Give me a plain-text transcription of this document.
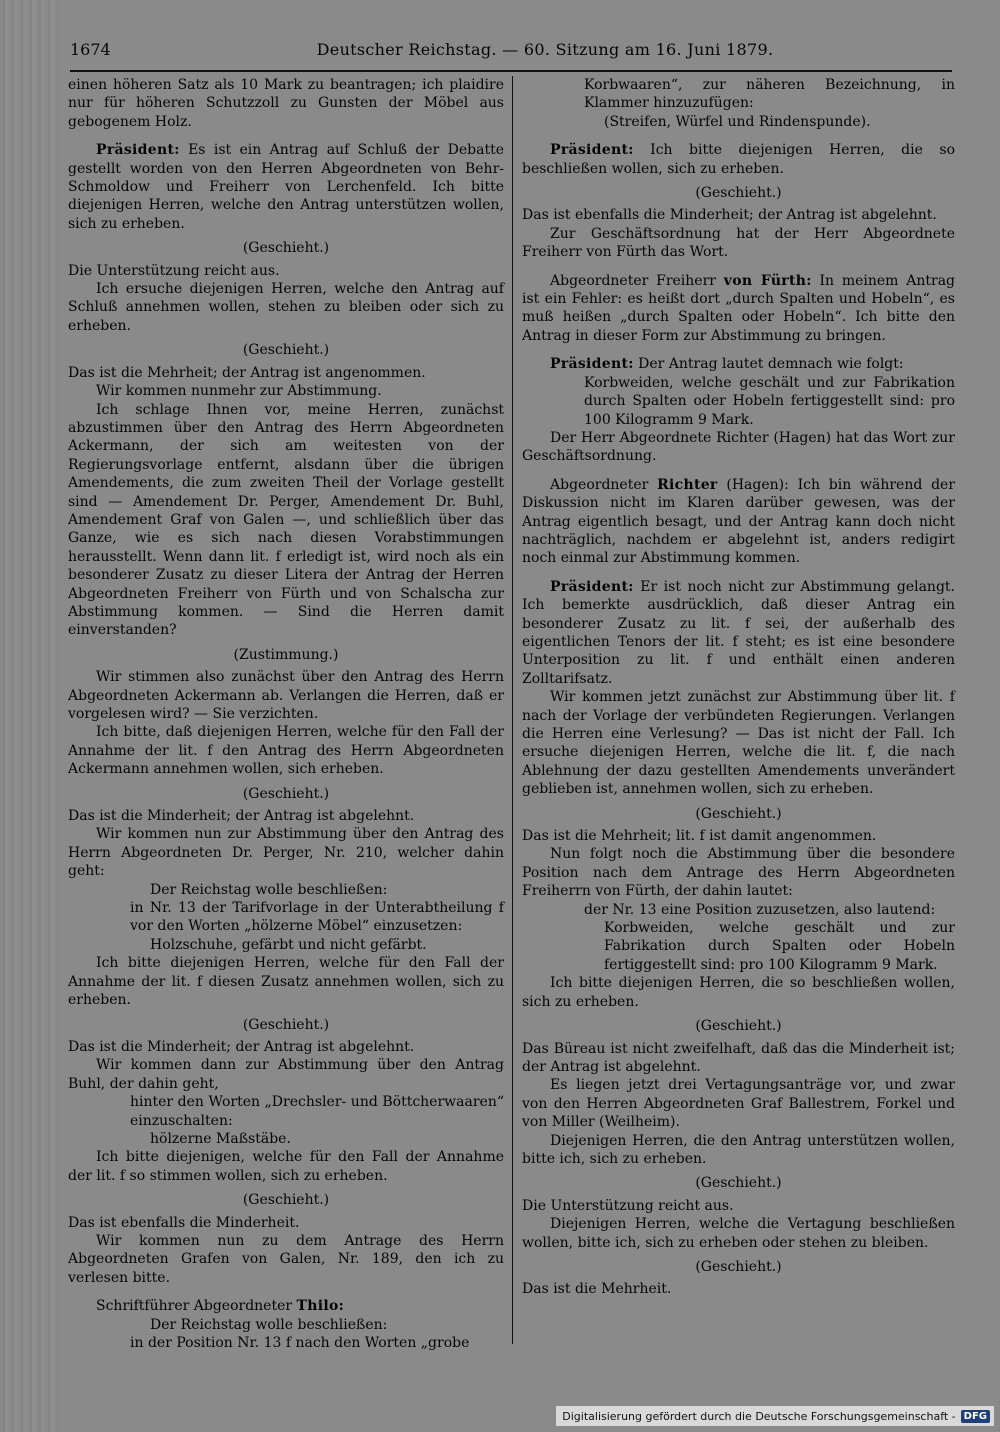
1674	Deutscher Reichstag. — 60. Sitzung am 16. Juni 1879.

einen höheren Satz als 10 Mark zu beantragen; ich plaidire nur für höheren Schutzzoll zu Gunsten der Möbel aus gebogenem Holz.

Präsident: Es ist ein Antrag auf Schluß der Debatte gestellt worden von den Herren Abgeordneten von Behr-Schmoldow und Freiherr von Lerchenfeld. Ich bitte diejenigen Herren, welche den Antrag unterstützen wollen, sich zu erheben.

(Geschieht.)

Die Unterstützung reicht aus.

Ich ersuche diejenigen Herren, welche den Antrag auf Schluß annehmen wollen, stehen zu bleiben oder sich zu erheben.

(Geschieht.)

Das ist die Mehrheit; der Antrag ist angenommen.

Wir kommen nunmehr zur Abstimmung.

Ich schlage Ihnen vor, meine Herren, zunächst abzustimmen über den Antrag des Herrn Abgeordneten Ackermann, der sich am weitesten von der Regierungsvorlage entfernt, alsdann über die übrigen Amendements, die zum zweiten Theil der Vorlage gestellt sind — Amendement Dr. Perger, Amendement Dr. Buhl, Amendement Graf von Galen —, und schließlich über das Ganze, wie es sich nach diesen Vorabstimmungen herausstellt. Wenn dann lit. f erledigt ist, wird noch als ein besonderer Zusatz zu dieser Litera der Antrag der Herren Abgeordneten Freiherr von Fürth und von Schalscha zur Abstimmung kommen. — Sind die Herren damit einverstanden?

(Zustimmung.)

Wir stimmen also zunächst über den Antrag des Herrn Abgeordneten Ackermann ab. Verlangen die Herren, daß er vorgelesen wird? — Sie verzichten.

Ich bitte, daß diejenigen Herren, welche für den Fall der Annahme der lit. f den Antrag des Herrn Abgeordneten Ackermann annehmen wollen, sich erheben.

(Geschieht.)

Das ist die Minderheit; der Antrag ist abgelehnt.

Wir kommen nun zur Abstimmung über den Antrag des Herrn Abgeordneten Dr. Perger, Nr. 210, welcher dahin geht:

Der Reichstag wolle beschließen:

in Nr. 13 der Tarifvorlage in der Unterabtheilung f vor den Worten „hölzerne Möbel“ einzusetzen:

Holzschuhe, gefärbt und nicht gefärbt.

Ich bitte diejenigen Herren, welche für den Fall der Annahme der lit. f diesen Zusatz annehmen wollen, sich zu erheben.

(Geschieht.)

Das ist die Minderheit; der Antrag ist abgelehnt.

Wir kommen dann zur Abstimmung über den Antrag Buhl, der dahin geht,

hinter den Worten „Drechsler- und Böttcherwaaren“ einzuschalten:

hölzerne Maßstäbe.

Ich bitte diejenigen, welche für den Fall der Annahme der lit. f so stimmen wollen, sich zu erheben.

(Geschieht.)

Das ist ebenfalls die Minderheit.

Wir kommen nun zu dem Antrage des Herrn Abgeordneten Grafen von Galen, Nr. 189, den ich zu verlesen bitte.

Schriftführer Abgeordneter Thilo:

Der Reichstag wolle beschließen:

in der Position Nr. 13 f nach den Worten „grobe

Korbwaaren“, zur näheren Bezeichnung, in Klammer hinzuzufügen:

(Streifen, Würfel und Rindenspunde).

Präsident: Ich bitte diejenigen Herren, die so beschließen wollen, sich zu erheben.

(Geschieht.)

Das ist ebenfalls die Minderheit; der Antrag ist abgelehnt.

Zur Geschäftsordnung hat der Herr Abgeordnete Freiherr von Fürth das Wort.

Abgeordneter Freiherr von Fürth: In meinem Antrag ist ein Fehler: es heißt dort „durch Spalten und Hobeln“, es muß heißen „durch Spalten oder Hobeln“. Ich bitte den Antrag in dieser Form zur Abstimmung zu bringen.

Präsident: Der Antrag lautet demnach wie folgt:

Korbweiden, welche geschält und zur Fabrikation durch Spalten oder Hobeln fertiggestellt sind: pro 100 Kilogramm 9 Mark.

Der Herr Abgeordnete Richter (Hagen) hat das Wort zur Geschäftsordnung.

Abgeordneter Richter (Hagen): Ich bin während der Diskussion nicht im Klaren darüber gewesen, was der Antrag eigentlich besagt, und der Antrag kann doch nicht nachträglich, nachdem er abgelehnt ist, anders redigirt noch einmal zur Abstimmung kommen.

Präsident: Er ist noch nicht zur Abstimmung gelangt. Ich bemerkte ausdrücklich, daß dieser Antrag ein besonderer Zusatz zu lit. f sei, der außerhalb des eigentlichen Tenors der lit. f steht; es ist eine besondere Unterposition zu lit. f und enthält einen anderen Zolltarifsatz.

Wir kommen jetzt zunächst zur Abstimmung über lit. f nach der Vorlage der verbündeten Regierungen. Verlangen die Herren eine Verlesung? — Das ist nicht der Fall. Ich ersuche diejenigen Herren, welche die lit. f, die nach Ablehnung der dazu gestellten Amendements unverändert geblieben ist, annehmen wollen, sich zu erheben.

(Geschieht.)

Das ist die Mehrheit; lit. f ist damit angenommen.

Nun folgt noch die Abstimmung über die besondere Position nach dem Antrage des Herrn Abgeordneten Freiherrn von Fürth, der dahin lautet:

der Nr. 13 eine Position zuzusetzen, also lautend:

Korbweiden, welche geschält und zur Fabrikation durch Spalten oder Hobeln fertiggestellt sind: pro 100 Kilogramm 9 Mark.

Ich bitte diejenigen Herren, die so beschließen wollen, sich zu erheben.

(Geschieht.)

Das Büreau ist nicht zweifelhaft, daß das die Minderheit ist; der Antrag ist abgelehnt.

Es liegen jetzt drei Vertagungsanträge vor, und zwar von den Herren Abgeordneten Graf Ballestrem, Forkel und von Miller (Weilheim).

Diejenigen Herren, die den Antrag unterstützen wollen, bitte ich, sich zu erheben.

(Geschieht.)

Die Unterstützung reicht aus.

Diejenigen Herren, welche die Vertagung beschließen wollen, bitte ich, sich zu erheben oder stehen zu bleiben.

(Geschieht.)

Das ist die Mehrheit.

Digitalisierung gefördert durch die Deutsche Forschungsgemeinschaft - DFG
